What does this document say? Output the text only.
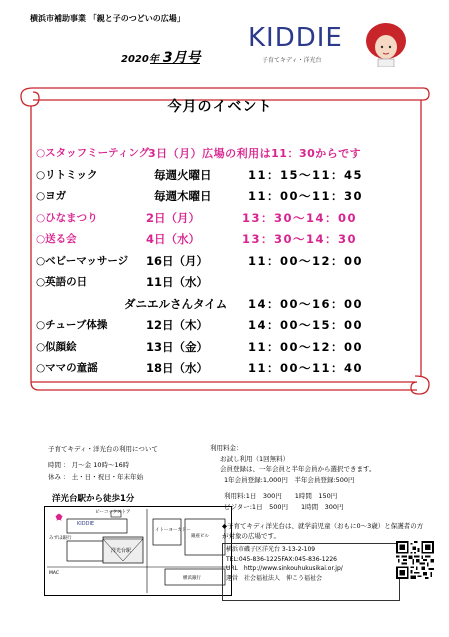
横浜市補助事業 「親と子のつどいの広場」
2020年 3月号
KIDDIE
子育てキディ・洋光台
今月のイベント
○スタッフミーティング
3日（月）広場の利用は11：30からです
○リトミック	毎週火曜日	11：15〜11：45
○ヨガ	毎週木曜日	11：00〜11：30
○ひなまつり	2日（月）	13：30〜14：00
○送る会	4日（水）	13：30〜14：30
○ベビーマッサージ 16日（月）	11：00〜12：00
○英語の日	11日（水）
ダニエルさんタイム 14：00〜16：00
○チューブ体操	12日（木）	14：00〜15：00
○似顔絵	13日（金）	11：00〜12：00
○ママの童謡	18日（水）	11：00〜11：40
子育てキディ・洋光台の利用について
時間 ： 月〜金 10時〜16時
休み ： 土・日・祝日・年末年始
利用料金：
お試し利用（1回無料）
会員登録は、一年会員と半年会員から選択できます。
1年会員登録:1,000円　半年会員登録:500円
利用料:1日　300円　　1時間　150円
ビジター:1日　500円　　1時間　300円
洋光台駅から徒歩1分
ピーコックストア
KIDDIE
みずほ銀行
洋光台駅
イトーヨーカドー
銀座ビル
MAC
横浜銀行
◆子育てキディ洋光台は、就学前児童（おもに0〜3歳）と保護者の方が対象の広場です。
横浜市磯子区洋光台 3-13-2-109
TEL:045-836-1225FAX:045-836-1226
URL　http://www.sinkouhukusikai.or.jp/
運営　社会福祉法人　伸こう福祉会
